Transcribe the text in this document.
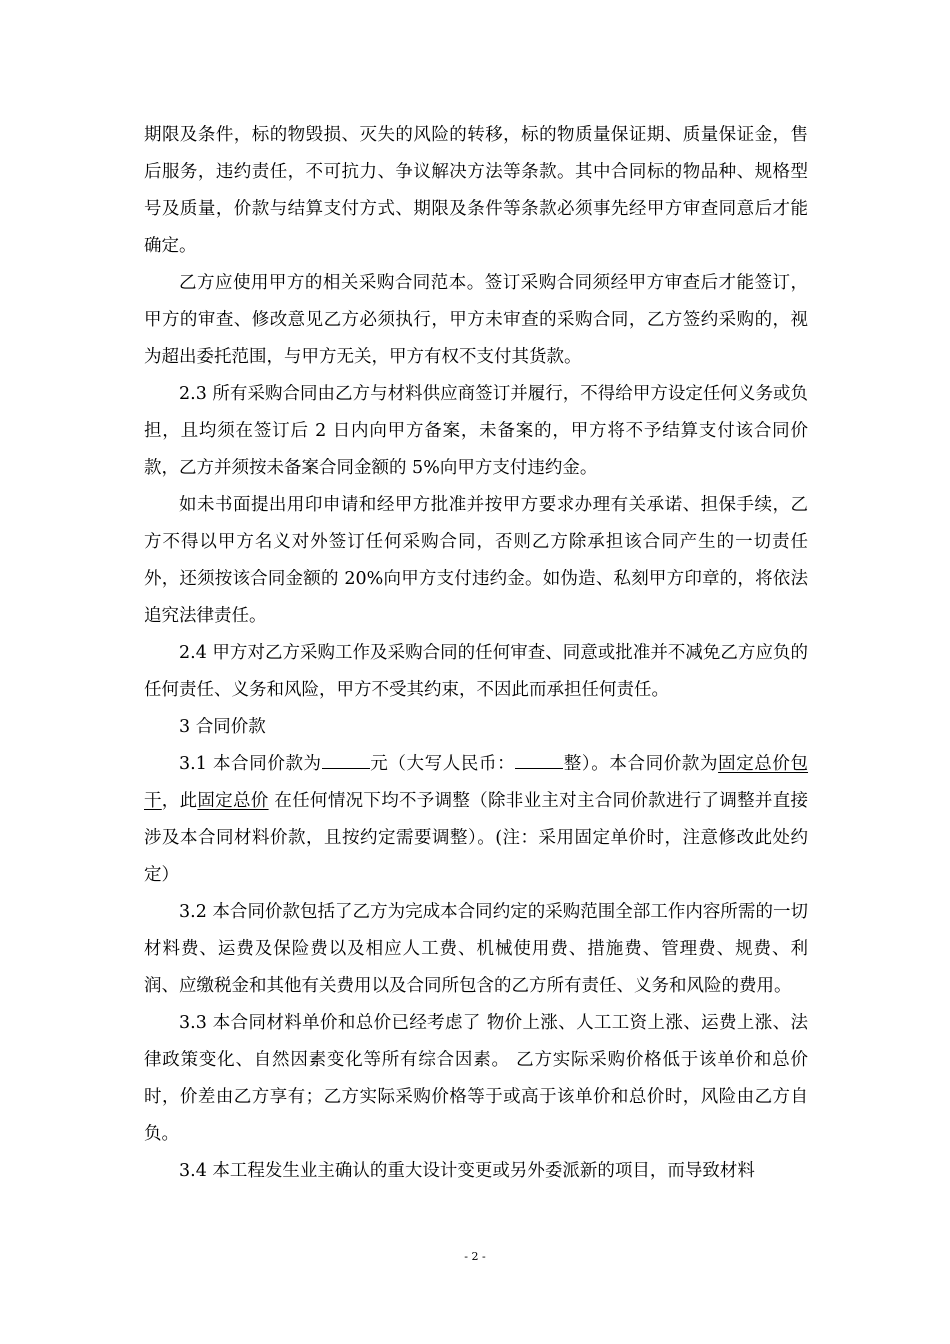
期限及条件，标的物毁损、灭失的风险的转移，标的物质量保证期、质量保证金，售后服务，违约责任，不可抗力、争议解决方法等条款。其中合同标的物品种、规格型号及质量，价款与结算支付方式、期限及条件等条款必须事先经甲方审查同意后才能确定。

乙方应使用甲方的相关采购合同范本。签订采购合同须经甲方审查后才能签订，甲方的审查、修改意见乙方必须执行，甲方未审查的采购合同，乙方签约采购的，视为超出委托范围，与甲方无关，甲方有权不支付其货款。

2.3 所有采购合同由乙方与材料供应商签订并履行，不得给甲方设定任何义务或负担，且均须在签订后 2 日内向甲方备案，未备案的，甲方将不予结算支付该合同价款，乙方并须按未备案合同金额的 5%向甲方支付违约金。

如未书面提出用印申请和经甲方批准并按甲方要求办理有关承诺、担保手续，乙方不得以甲方名义对外签订任何采购合同，否则乙方除承担该合同产生的一切责任外，还须按该合同金额的 20%向甲方支付违约金。如伪造、私刻甲方印章的，将依法追究法律责任。

2.4 甲方对乙方采购工作及采购合同的任何审查、同意或批准并不减免乙方应负的任何责任、义务和风险，甲方不受其约束，不因此而承担任何责任。

3 合同价款

3.1 本合同价款为	元（大写人民币：	整）。本合同价款为固定总价包干，此固定总价 在任何情况下均不予调整（除非业主对主合同价款进行了调整并直接涉及本合同材料价款，且按约定需要调整）。(注：采用固定单价时，注意修改此处约定）

3.2 本合同价款包括了乙方为完成本合同约定的采购范围全部工作内容所需的一切材料费、运费及保险费以及相应人工费、机械使用费、措施费、管理费、规费、利润、应缴税金和其他有关费用以及合同所包含的乙方所有责任、义务和风险的费用。

3.3 本合同材料单价和总价已经考虑了 物价上涨、人工工资上涨、运费上涨、法律政策变化、自然因素变化等所有综合因素。 乙方实际采购价格低于该单价和总价时，价差由乙方享有；乙方实际采购价格等于或高于该单价和总价时，风险由乙方自负。

3.4 本工程发生业主确认的重大设计变更或另外委派新的项目，而导致材料

- 2 -
